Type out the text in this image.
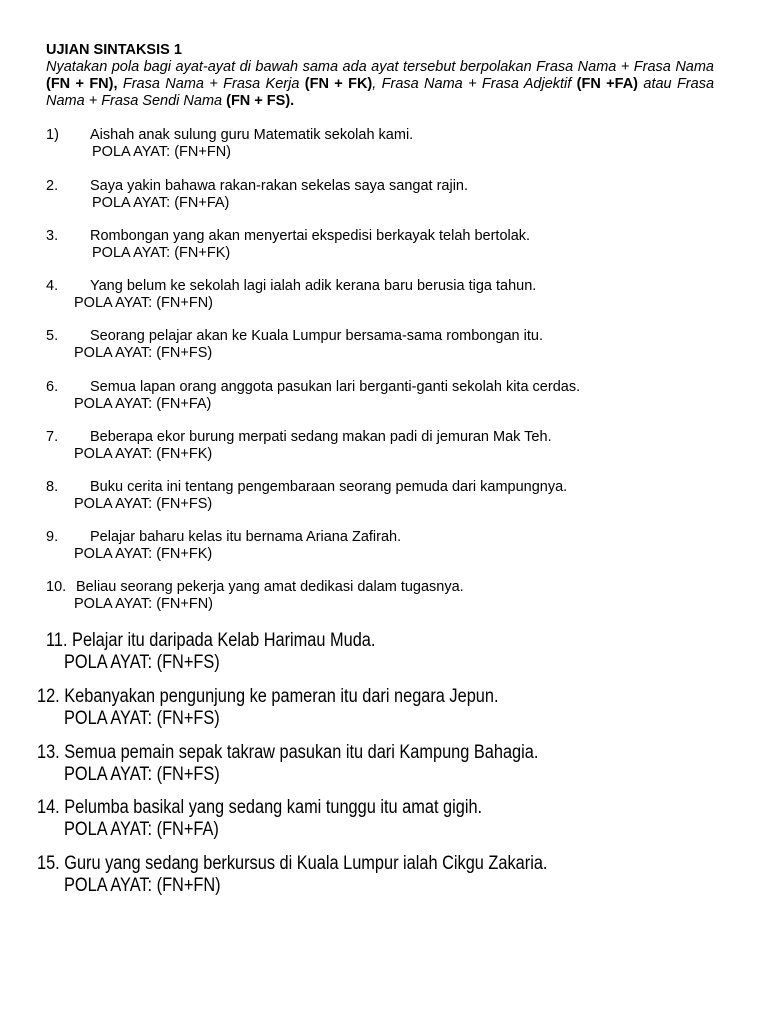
UJIAN SINTAKSIS 1
Nyatakan pola bagi ayat-ayat di bawah sama ada ayat tersebut berpolakan Frasa Nama + Frasa Nama (FN + FN), Frasa Nama + Frasa Kerja (FN + FK), Frasa Nama + Frasa Adjektif (FN +FA) atau Frasa Nama + Frasa Sendi Nama (FN + FS).
1) Aishah anak sulung guru Matematik sekolah kami.
POLA AYAT: (FN+FN)
2. Saya yakin bahawa rakan-rakan sekelas saya sangat rajin.
POLA AYAT: (FN+FA)
3. Rombongan yang akan menyertai ekspedisi berkayak telah bertolak.
POLA AYAT: (FN+FK)
4. Yang belum ke sekolah lagi ialah adik kerana baru berusia tiga tahun.
POLA AYAT: (FN+FN)
5. Seorang pelajar akan ke Kuala Lumpur bersama-sama rombongan itu.
POLA AYAT: (FN+FS)
6. Semua lapan orang anggota pasukan lari berganti-ganti sekolah kita cerdas.
POLA AYAT: (FN+FA)
7. Beberapa ekor burung merpati sedang makan padi di jemuran Mak Teh.
POLA AYAT: (FN+FK)
8. Buku cerita ini tentang pengembaraan seorang pemuda dari kampungnya.
POLA AYAT: (FN+FS)
9. Pelajar baharu kelas itu bernama Ariana Zafirah.
POLA AYAT: (FN+FK)
10. Beliau seorang pekerja yang amat dedikasi dalam tugasnya.
POLA AYAT: (FN+FN)
11. Pelajar itu daripada Kelab Harimau Muda.
POLA AYAT: (FN+FS)
12. Kebanyakan pengunjung ke pameran itu dari negara Jepun.
POLA AYAT: (FN+FS)
13. Semua pemain sepak takraw pasukan itu dari Kampung Bahagia.
POLA AYAT: (FN+FS)
14. Pelumba basikal yang sedang kami tunggu itu amat gigih.
POLA AYAT: (FN+FA)
15. Guru yang sedang berkursus di Kuala Lumpur ialah Cikgu Zakaria.
POLA AYAT: (FN+FN)
